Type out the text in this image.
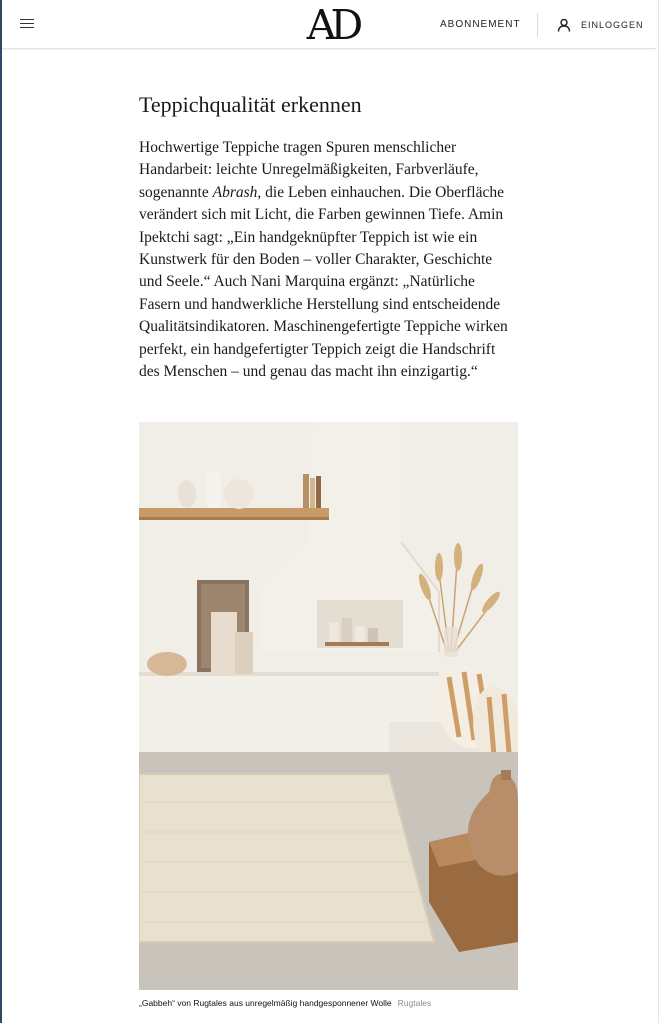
AD	ABONNEMENT	EINLOGGEN
Teppichqualität erkennen

Hochwertige Teppiche tragen Spuren menschlicher Handarbeit: leichte Unregelmäßigkeiten, Farbverläufe, sogenannte Abrash, die Leben einhauchen. Die Oberfläche verändert sich mit Licht, die Farben gewinnen Tiefe. Amin Ipektchi sagt: „Ein handgeknüpfter Teppich ist wie ein Kunstwerk für den Boden – voller Charakter, Geschichte und Seele.“ Auch Nani Marquina ergänzt: „Natürliche Fasern und handwerkliche Herstellung sind entscheidende Qualitätsindikatoren. Maschinengefertigte Teppiche wirken perfekt, ein handgefertigter Teppich zeigt die Handschrift des Menschen – und genau das macht ihn einzigartig.“

„Gabbeh“ von Rugtales aus unregelmäßig handgesponnener Wolle Rugtales
